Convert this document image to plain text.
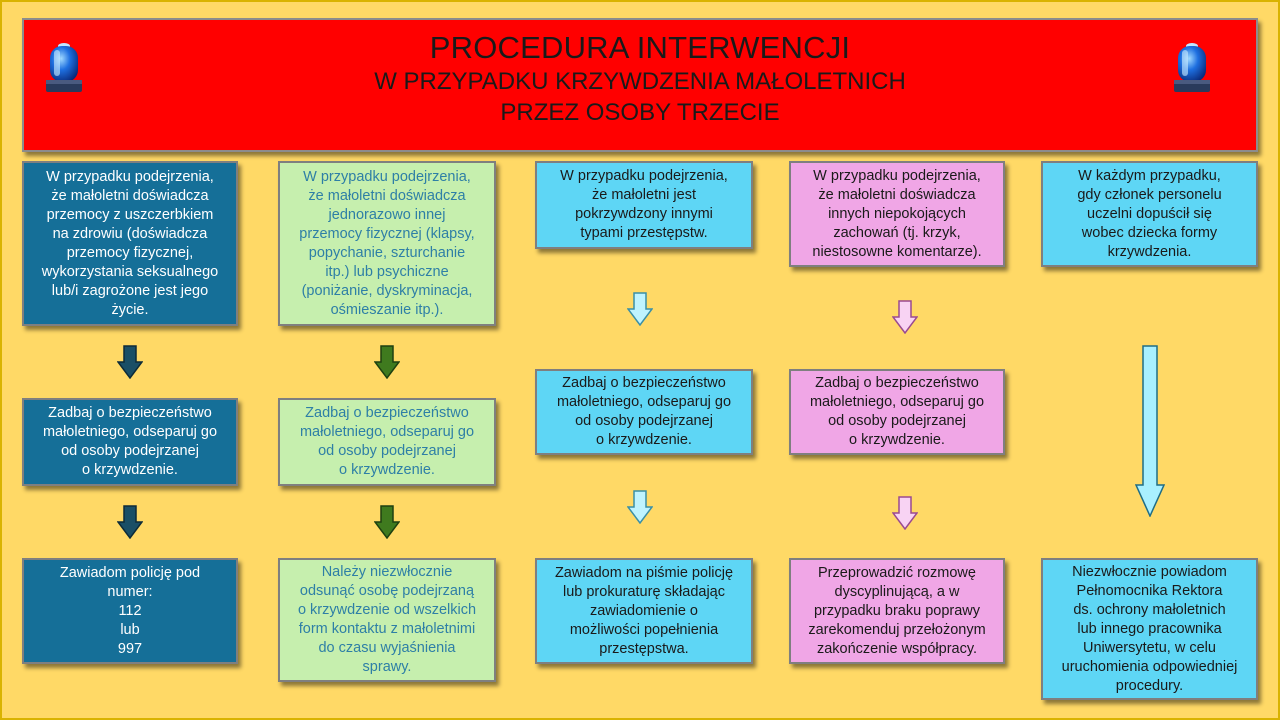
PROCEDURA INTERWENCJI
W PRZYPADKU KRZYWDZENIA MAŁOLETNICH
PRZEZ OSOBY TRZECIE
W przypadku podejrzenia,
że małoletni doświadcza
przemocy z uszczerbkiem
na zdrowiu (doświadcza
przemocy fizycznej,
wykorzystania seksualnego
lub/i zagrożone jest jego
życie.
Zadbaj o bezpieczeństwo
małoletniego, odseparuj go
od osoby podejrzanej
o krzywdzenie.
Zawiadom policję pod
numer:
112
lub
997
W przypadku podejrzenia,
że małoletni doświadcza
jednorazowo innej
przemocy fizycznej (klapsy,
popychanie, szturchanie
itp.) lub psychiczne
(poniżanie, dyskryminacja,
ośmieszanie itp.).
Zadbaj o bezpieczeństwo
małoletniego, odseparuj go
od osoby podejrzanej
o krzywdzenie.
Należy niezwłocznie
odsunąć osobę podejrzaną
o krzywdzenie od wszelkich
form kontaktu z małoletnimi
do czasu wyjaśnienia
sprawy.
W przypadku podejrzenia,
że małoletni jest
pokrzywdzony innymi
typami przestępstw.
Zadbaj o bezpieczeństwo
małoletniego, odseparuj go
od osoby podejrzanej
o krzywdzenie.
Zawiadom na piśmie policję
lub prokuraturę składając
zawiadomienie o
możliwości popełnienia
przestępstwa.
W przypadku podejrzenia,
że małoletni doświadcza
innych niepokojących
zachowań (tj. krzyk,
niestosowne komentarze).
Zadbaj o bezpieczeństwo
małoletniego, odseparuj go
od osoby podejrzanej
o krzywdzenie.
Przeprowadzić rozmowę
dyscyplinującą, a w
przypadku braku poprawy
zarekomenduj przełożonym
zakończenie współpracy.
W każdym przypadku,
gdy członek personelu
uczelni dopuścił się
wobec dziecka formy
krzywdzenia.
Niezwłocznie powiadom
Pełnomocnika Rektora
ds. ochrony małoletnich
lub innego pracownika
Uniwersytetu, w celu
uruchomienia odpowiedniej
procedury.
